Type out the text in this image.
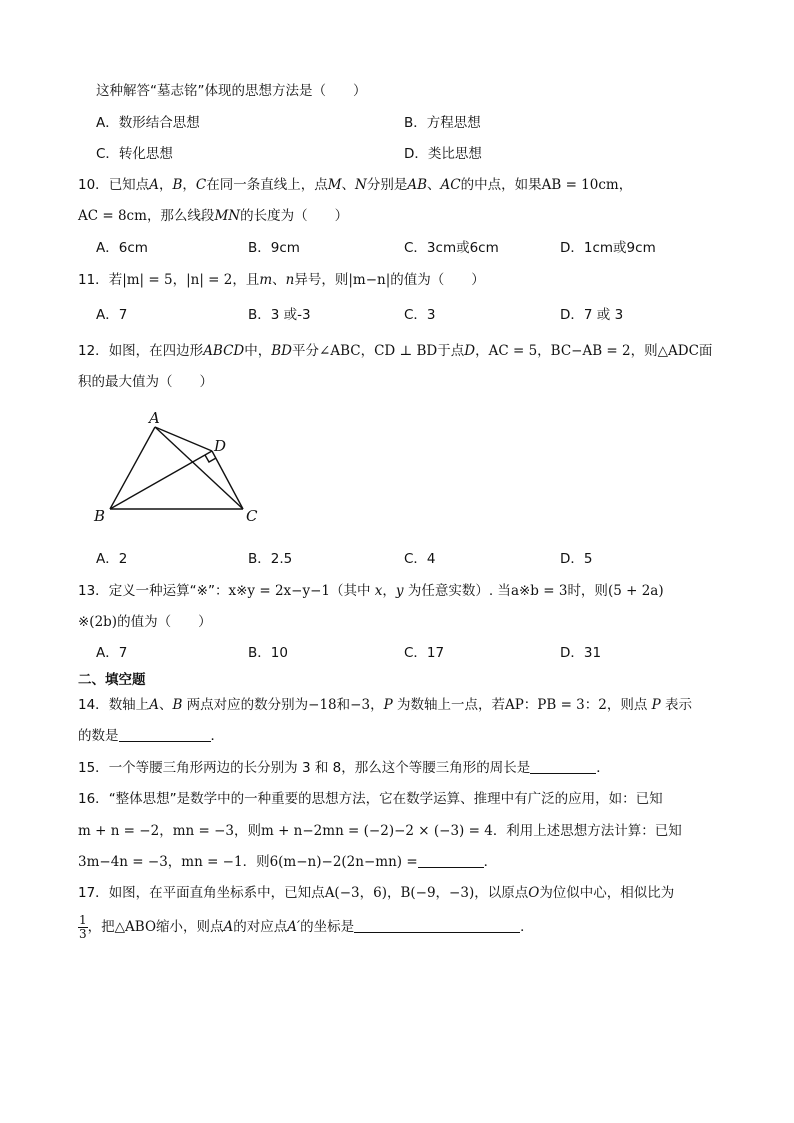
这种解答“墓志铭”体现的思想方法是（　　）
A．数形结合思想	B．方程思想
C．转化思想	D．类比思想
10．已知点A，B，C在同一条直线上，点M、N分别是AB、AC的中点，如果AB = 10cm，
AC = 8cm，那么线段MN的长度为（　　）
A．6cm	B．9cm	C．3cm或6cm	D．1cm或9cm
11．若|m| = 5，|n| = 2，且m、n异号，则|m−n|的值为（　　）
A．7	B．3 或-3	C．3	D．7 或 3
12．如图，在四边形ABCD中，BD平分∠ABC，CD ⊥ BD于点D，AC = 5，BC−AB = 2，则△ADC面
积的最大值为（　　）
A
B	C
D
A．2	B．2.5	C．4	D．5
13．定义一种运算“※”：x※y = 2x−y−1（其中 x，y 为任意实数）. 当a※b = 3时，则(5 + 2a)
※(2b)的值为（　　）
A．7	B．10	C．17	D．31
二、填空题
14．数轴上A、B 两点对应的数分别为−18和−3，P 为数轴上一点，若AP：PB = 3：2，则点 P 表示
的数是	．
15．一个等腰三角形两边的长分别为 3 和 8，那么这个等腰三角形的周长是	．
16．“整体思想”是数学中的一种重要的思想方法，它在数学运算、推理中有广泛的应用，如：已知
m + n = −2，mn = −3，则m + n−2mn = (−2)−2 × (−3) = 4．利用上述思想方法计算：已知
3m−4n = −3，mn = −1．则6(m−n)−2(2n−mn) =	．
17．如图，在平面直角坐标系中，已知点A(−3，6)，B(−9，−3)，以原点O为位似中心，相似比为
$\frac{1}{3}$ ，把△ABO缩小，则点A的对应点A′的坐标是	．
